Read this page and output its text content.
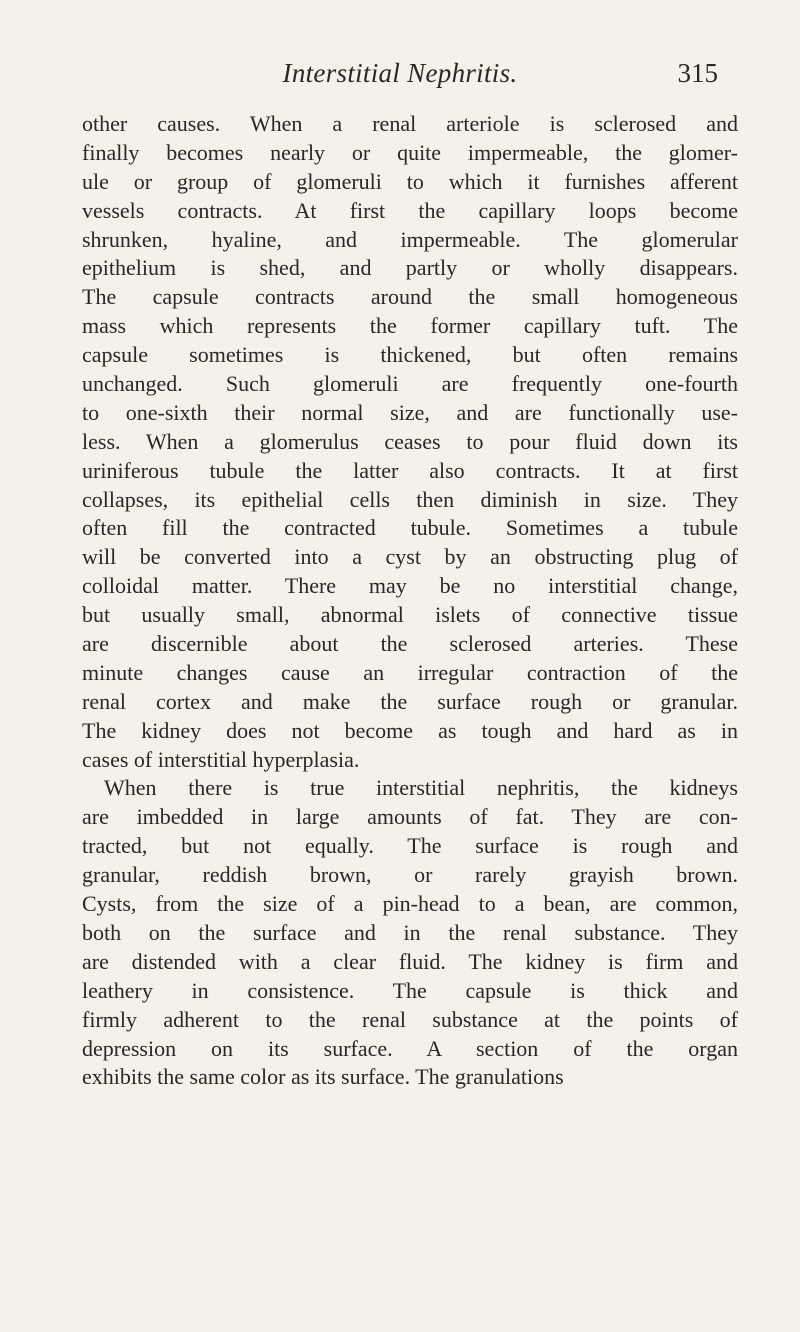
Interstitial Nephritis.	315

other causes. When a renal arteriole is sclerosed and
finally becomes nearly or quite impermeable, the glomer-
ule or group of glomeruli to which it furnishes afferent
vessels contracts. At first the capillary loops become
shrunken, hyaline, and impermeable. The glomerular
epithelium is shed, and partly or wholly disappears.
The capsule contracts around the small homogeneous
mass which represents the former capillary tuft. The
capsule sometimes is thickened, but often remains
unchanged. Such glomeruli are frequently one-fourth
to one-sixth their normal size, and are functionally use-
less. When a glomerulus ceases to pour fluid down its
uriniferous tubule the latter also contracts. It at first
collapses, its epithelial cells then diminish in size. They
often fill the contracted tubule. Sometimes a tubule
will be converted into a cyst by an obstructing plug of
colloidal matter. There may be no interstitial change,
but usually small, abnormal islets of connective tissue
are discernible about the sclerosed arteries. These
minute changes cause an irregular contraction of the
renal cortex and make the surface rough or granular.
The kidney does not become as tough and hard as in
cases of interstitial hyperplasia.

When there is true interstitial nephritis, the kidneys
are imbedded in large amounts of fat. They are con-
tracted, but not equally. The surface is rough and
granular, reddish brown, or rarely grayish brown.
Cysts, from the size of a pin-head to a bean, are common,
both on the surface and in the renal substance. They
are distended with a clear fluid. The kidney is firm and
leathery in consistence. The capsule is thick and
firmly adherent to the renal substance at the points of
depression on its surface. A section of the organ
exhibits the same color as its surface. The granulations
